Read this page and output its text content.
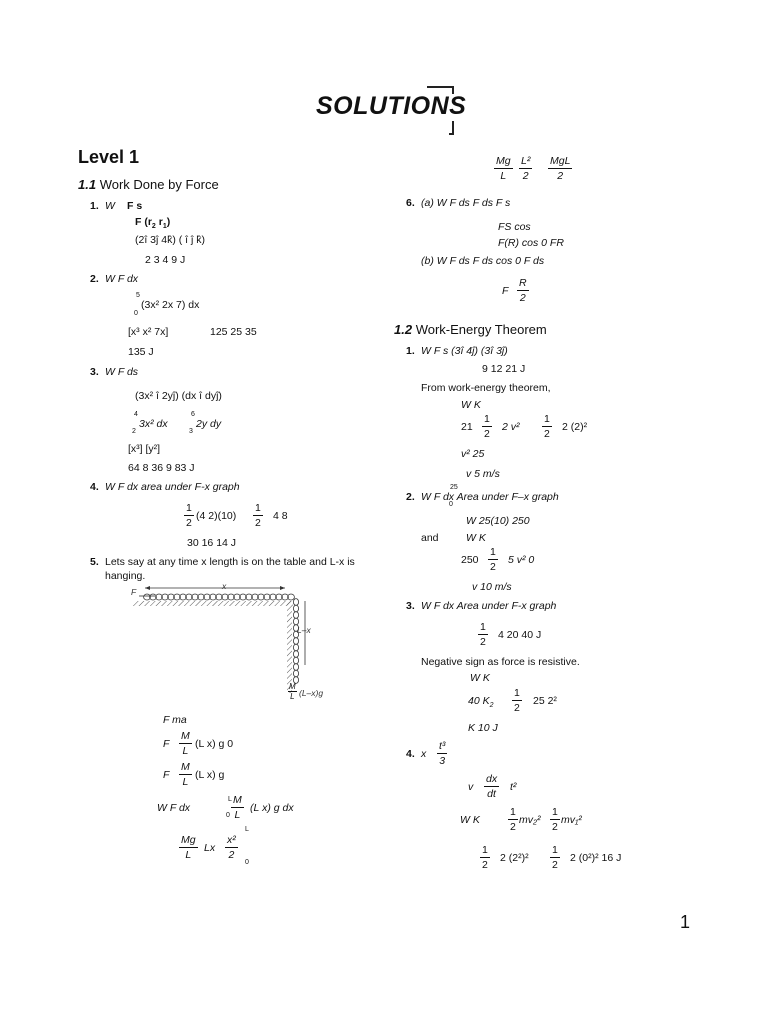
SOLUTIONS
Level 1
1.1 Work Done by Force
1. W F s
F ($r_2$ $r_1$)
(2î 3ĵ 4k̂) ( î ĵ k̂)
2 3 4 9 J
2. W F dx
5
0
(3x² 2x 7) dx
[x³ x² 7x]	125 25 35
135 J
3. W F ds
(3x² î 2yĵ) (dx î dyĵ)
4
2
3x² dx
6
3
2y dy
[x³] [y²]
64 8 36 9 83 J
4. W F dx area under F-x graph
$\frac{1}{2} (4$ $2)(10) \frac{1}{2} 4$ 8
30 16 14 J
5. Lets say at any time x length is on the table and L-x is
hanging.
F
x
L–x
$\frac{M}{L} (L-x)g$
F ma
F $\frac{M}{L} (L$ x) g 0
F $\frac{M}{L} (L$ x) g
W F dx
L
$0 \frac{M}{L} (L$ x) g dx
$\frac{Mg}{L}$ Lx $\frac{\text{x²}}{2}$
L
0
$\frac{Mg}{L} \frac{\text{L²}}{2}$ MgL
2
6. (a) W F ds F ds F s
FS cos
F(R) cos 0 FR
(b) W F ds F ds cos 0 F ds
F $\frac{R}{2}$
1.2 Work-Energy Theorem
1. W F s (3î 4ĵ) (3î 3ĵ)
9 12 21 J
From work-energy theorem,
W K
$21 \frac{1}{2} 2$ $v^2 \frac{1}{2} 2$ (2)²
v² 25
v 5 m/s
2.
25
0
W F dx Area under F–x graph
W 25(10) 250
and	W K
$250 \frac{1}{2} 5$ v² 0
v 10 m/s
3. W F dx Area under F-x graph
$\frac{1}{2} 4$ 20 40 J
Negative sign as force is resistive.
W K
40 $K_2 \frac{1}{2} 25$ 2²
K 10 J
4. x $\frac{\text{t³}}{3}$
v $\frac{dx}{dt} t^2$
W K	$\frac{1}{2} mv_2^2 \frac{1}{2} mv_1^2$
$\frac{1}{2} 2$ $(2^2)^2 \frac{1}{2} 2$ (0²)² 16 J
1
